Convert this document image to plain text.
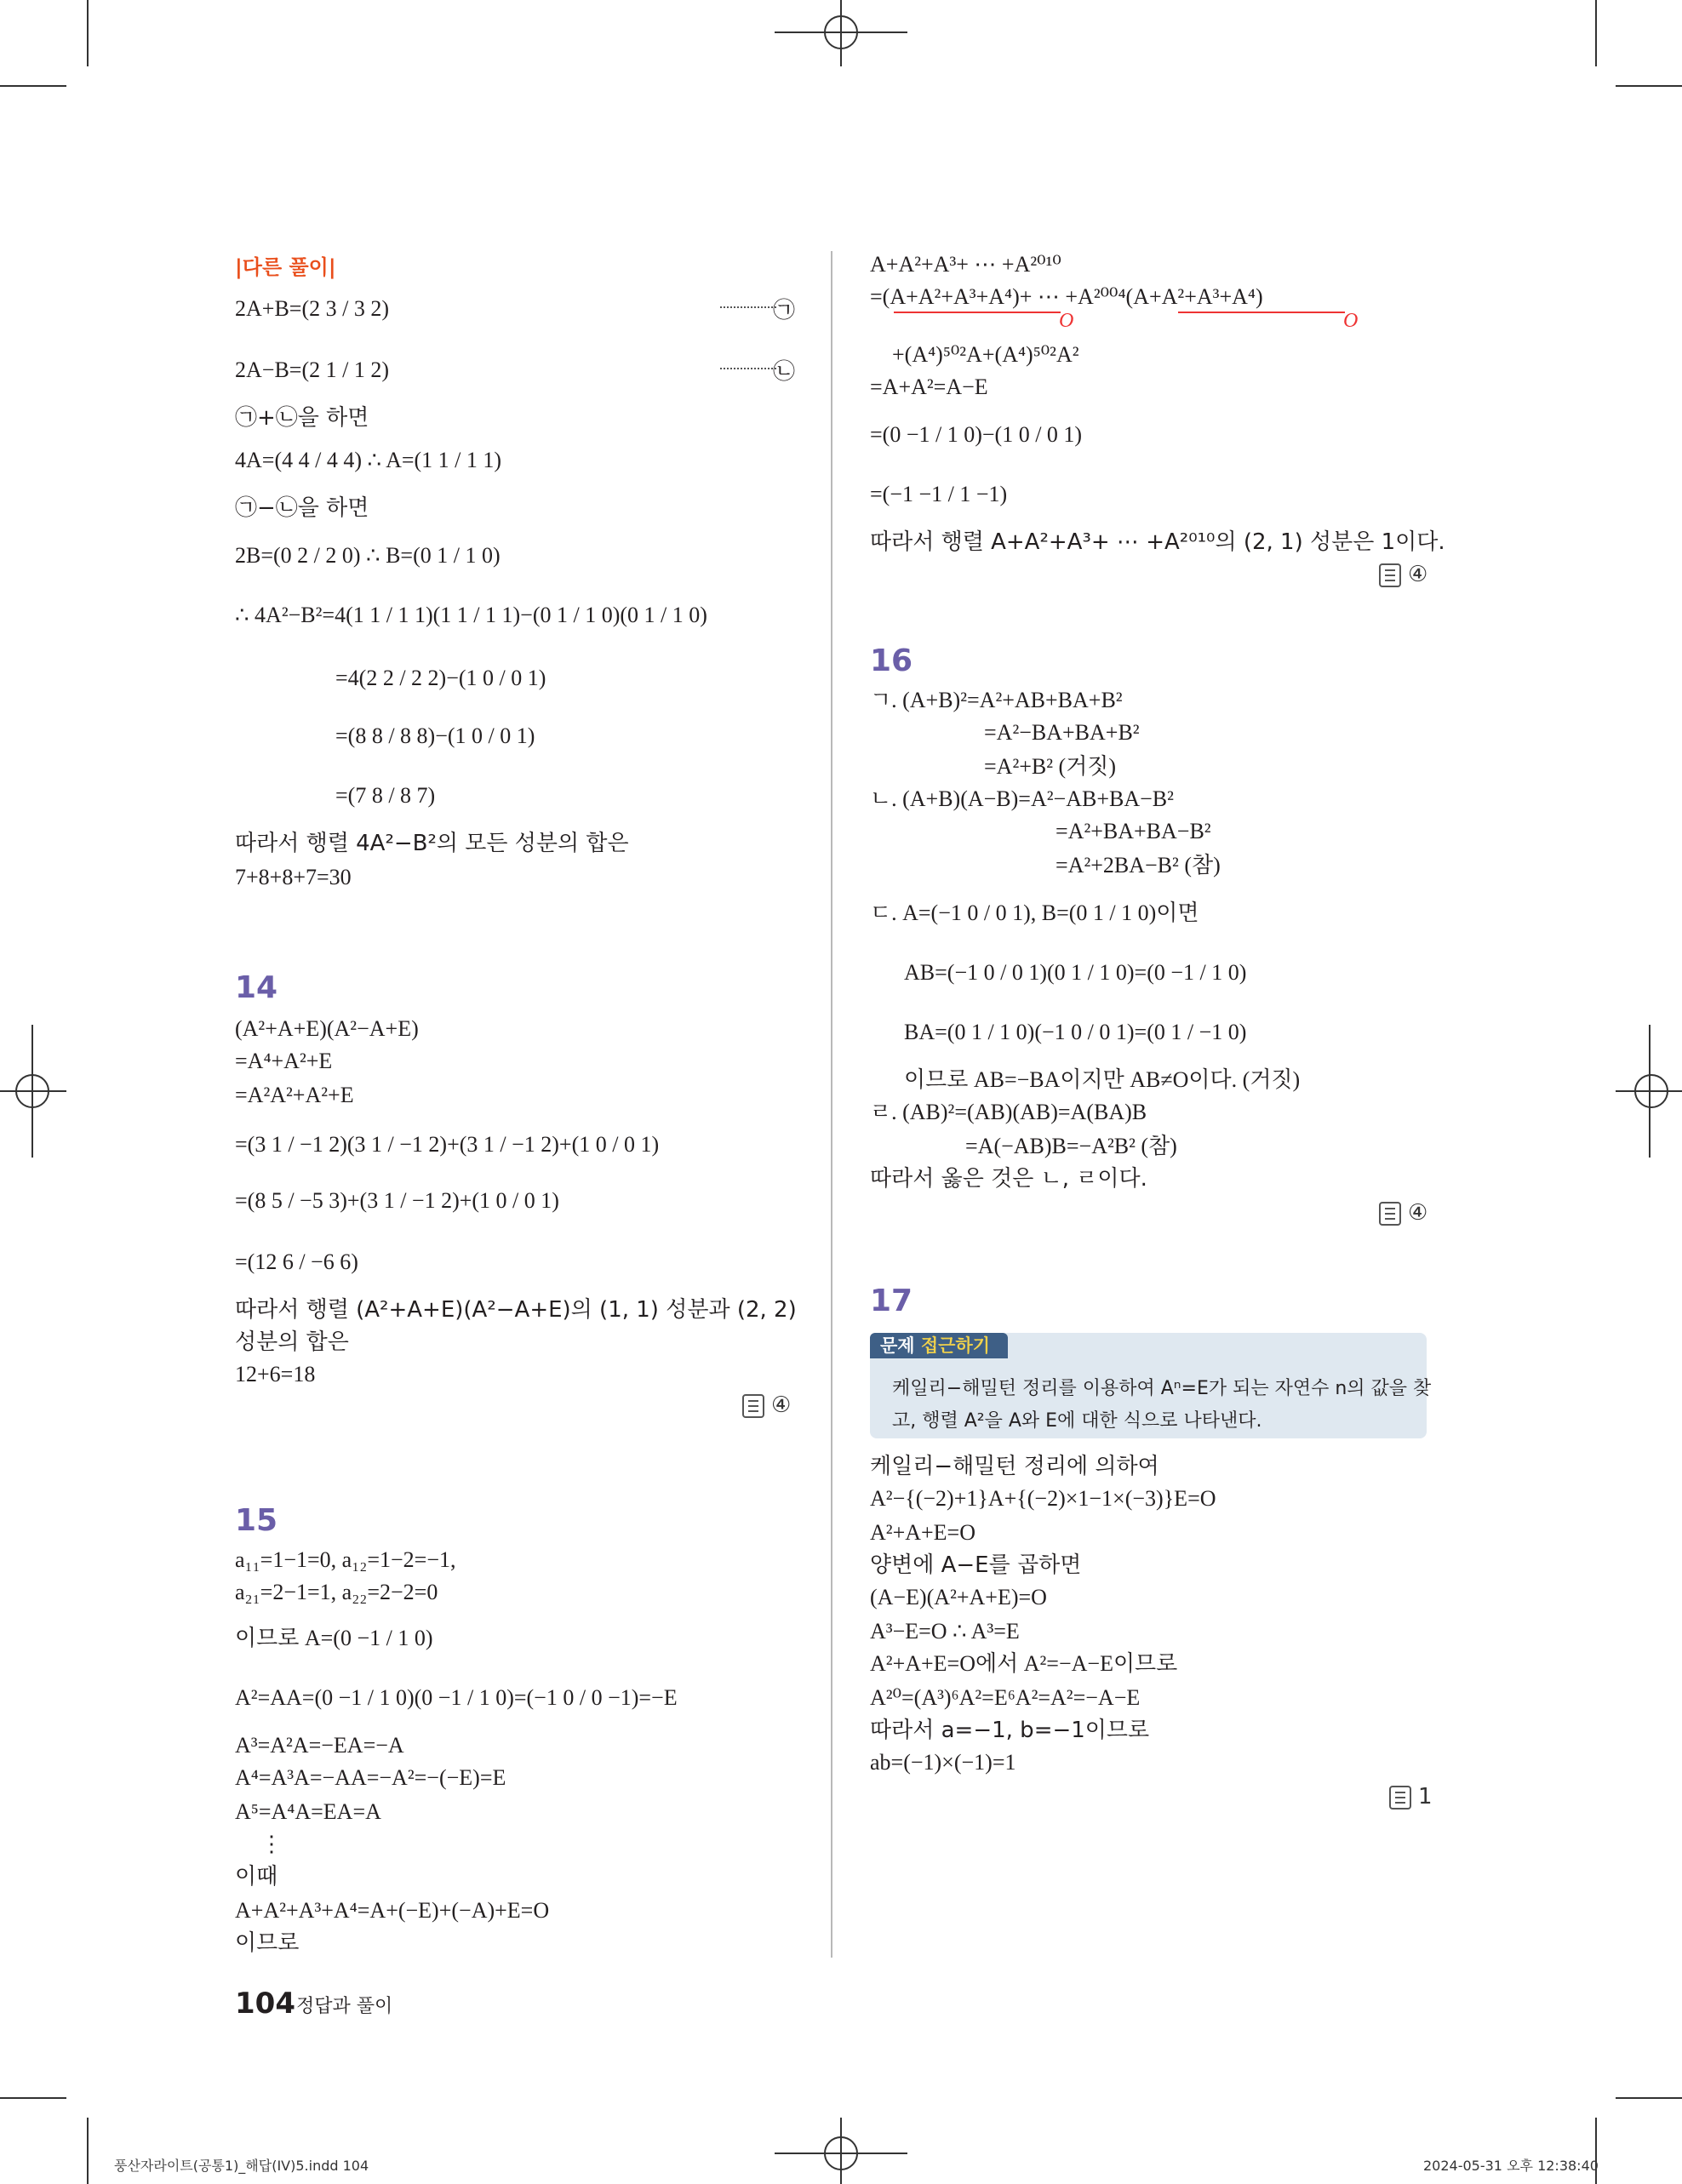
|다른 풀이|
2A+B=(2 3 / 3 2)
2A−B=(2 1 / 1 2)
㉠+㉡을 하면
4A=(4 4 / 4 4) ∴ A=(1 1 / 1 1)
㉠−㉡을 하면
2B=(0 2 / 2 0) ∴ B=(0 1 / 1 0)
∴ 4A²−B²=4(1 1 / 1 1)(1 1 / 1 1)−(0 1 / 1 0)(0 1 / 1 0)
=4(2 2 / 2 2)−(1 0 / 0 1)
=(8 8 / 8 8)−(1 0 / 0 1)
=(7 8 / 8 7)
따라서 행렬 4A²−B²의 모든 성분의 합은
7+8+8+7=30
㉠
㉡
14
(A²+A+E)(A²−A+E)
=A⁴+A²+E
=A²A²+A²+E
=(3 1 / −1 2)(3 1 / −1 2)+(3 1 / −1 2)+(1 0 / 0 1)
=(8 5 / −5 3)+(3 1 / −1 2)+(1 0 / 0 1)
=(12 6 / −6 6)
따라서 행렬 (A²+A+E)(A²−A+E)의 (1, 1) 성분과 (2, 2)
성분의 합은
12+6=18
④
15
a₁₁=1−1=0, a₁₂=1−2=−1,
a₂₁=2−1=1, a₂₂=2−2=0
이므로 A=(0 −1 / 1 0)
A²=AA=(0 −1 / 1 0)(0 −1 / 1 0)=(−1 0 / 0 −1)=−E
A³=A²A=−EA=−A
A⁴=A³A=−AA=−A²=−(−E)=E
A⁵=A⁴A=EA=A
⋮
이때
A+A²+A³+A⁴=A+(−E)+(−A)+E=O
이므로
A+A²+A³+ ⋯ +A²⁰¹⁰
=(A+A²+A³+A⁴)+ ⋯ +A²⁰⁰⁴(A+A²+A³+A⁴)
+(A⁴)⁵⁰²A+(A⁴)⁵⁰²A²
=A+A²=A−E
=(0 −1 / 1 0)−(1 0 / 0 1)
=(−1 −1 / 1 −1)
따라서 행렬 A+A²+A³+ ⋯ +A²⁰¹⁰의 (2, 1) 성분은 1이다.
O	O
④
16
ㄱ. (A+B)²=A²+AB+BA+B²
=A²−BA+BA+B²
=A²+B² (거짓)
ㄴ. (A+B)(A−B)=A²−AB+BA−B²
=A²+BA+BA−B²
=A²+2BA−B² (참)
ㄷ. A=(−1 0 / 0 1), B=(0 1 / 1 0)이면
AB=(−1 0 / 0 1)(0 1 / 1 0)=(0 −1 / 1 0)
BA=(0 1 / 1 0)(−1 0 / 0 1)=(0 1 / −1 0)
이므로 AB=−BA이지만 AB≠O이다. (거짓)
ㄹ. (AB)²=(AB)(AB)=A(BA)B
=A(−AB)B=−A²B² (참)
따라서 옳은 것은 ㄴ, ㄹ이다.
④
17
문제 접근하기
케일리−해밀턴 정리를 이용하여 Aⁿ=E가 되는 자연수 n의 값을 찾
고, 행렬 A²을 A와 E에 대한 식으로 나타낸다.
케일리−해밀턴 정리에 의하여
A²−{(−2)+1}A+{(−2)×1−1×(−3)}E=O
A²+A+E=O
양변에 A−E를 곱하면
(A−E)(A²+A+E)=O
A³−E=O ∴ A³=E
A²+A+E=O에서 A²=−A−E이므로
A²⁰=(A³)⁶A²=E⁶A²=A²=−A−E
따라서 a=−1, b=−1이므로
ab=(−1)×(−1)=1
1
104 정답과 풀이
풍산자라이트(공통1)_해답(IV)5.indd 104	2024-05-31 오후 12:38:40
